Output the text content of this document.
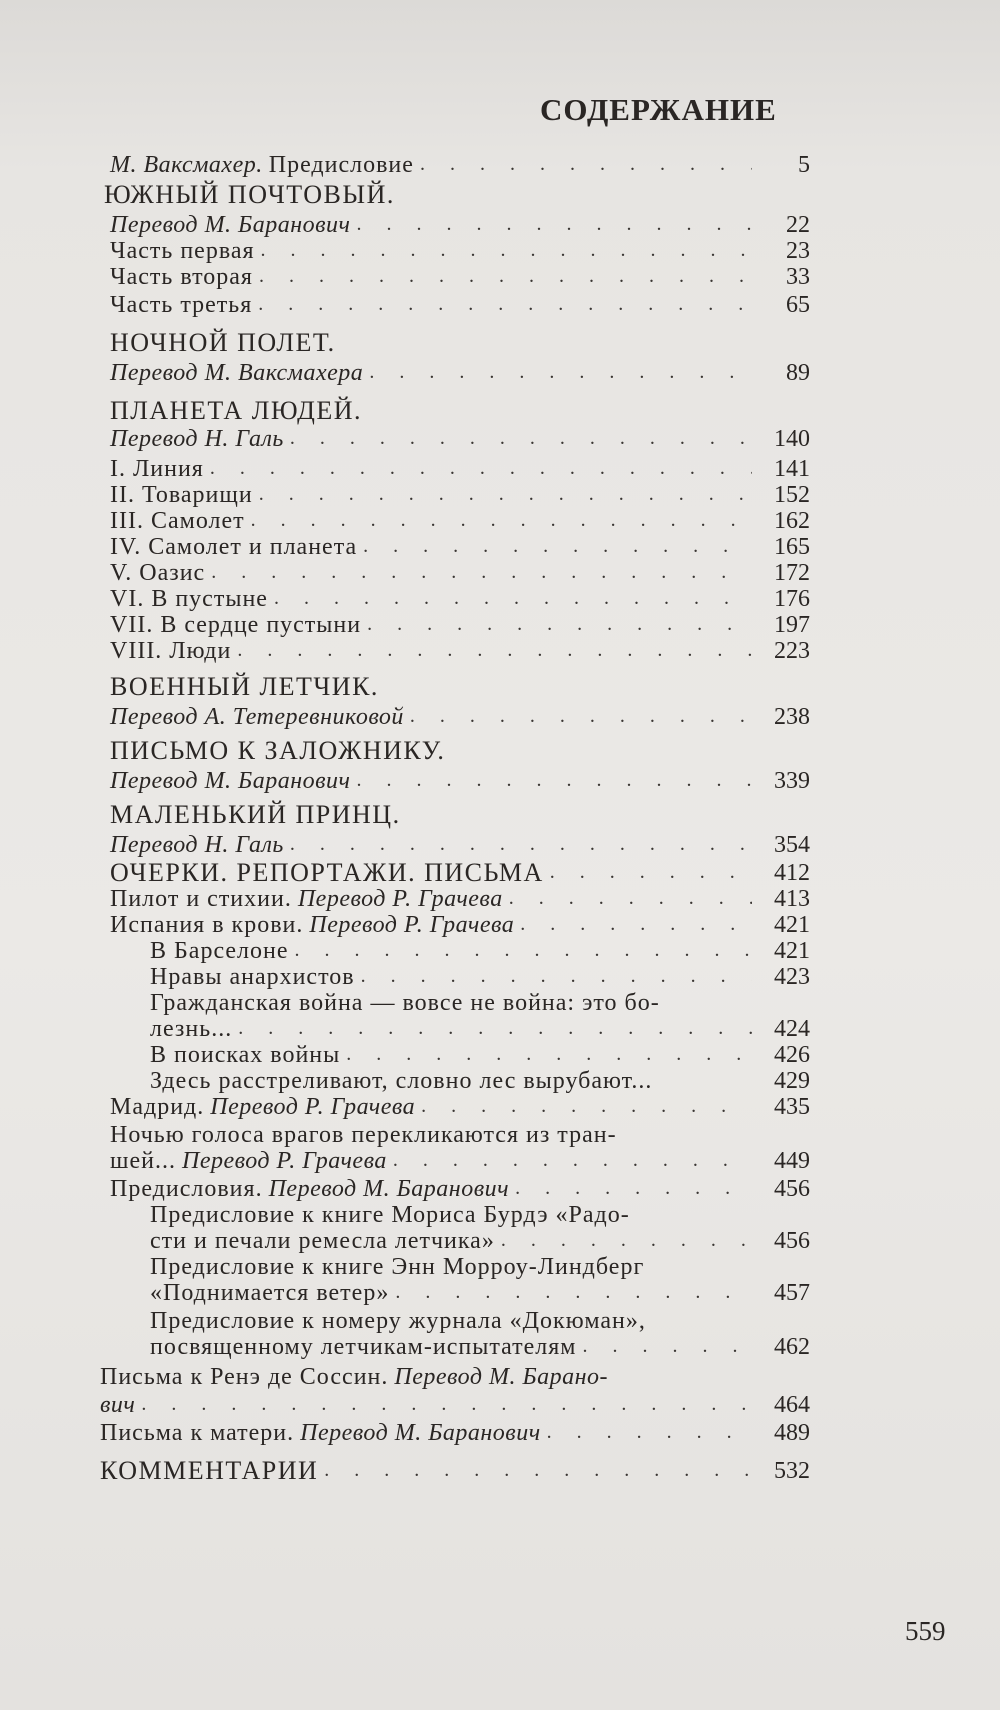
СОДЕРЖАНИЕ
М. Ваксмахер. Предисловие . . .	5
ЮЖНЫЙ ПОЧТОВЫЙ.
Перевод М. Баранович . . .	22
Часть первая . . .	23
Часть вторая . . .	33
Часть третья . . .	65
НОЧНОЙ ПОЛЕТ.
Перевод М. Ваксмахера . . .	89
ПЛАНЕТА ЛЮДЕЙ.
Перевод Н. Галь . . .	140
I. Линия . . .	141
II. Товарищи . . .	152
III. Самолет . . .	162
IV. Самолет и планета . . .	165
V. Оазис . . .	172
VI. В пустыне . . .	176
VII. В сердце пустыни . . .	197
VIII. Люди . . .	223
ВОЕННЫЙ ЛЕТЧИК.
Перевод А. Тетеревниковой . . .	238
ПИСЬМО К ЗАЛОЖНИКУ.
Перевод М. Баранович . . .	339
МАЛЕНЬКИЙ ПРИНЦ.
Перевод Н. Галь . . .	354
ОЧЕРКИ. РЕПОРТАЖИ. ПИСЬМА . . .	412
Пилот и стихии. Перевод Р. Грачева . . .	413
Испания в крови. Перевод Р. Грачева . . .	421
В Барселоне . . .	421
Нравы анархистов . . .	423
Гражданская война — вовсе не война: это бо-
лезнь... . . .	424
В поисках войны . . .	426
Здесь расстреливают, словно лес вырубают...	429
Мадрид. Перевод Р. Грачева . . .	435
Ночью голоса врагов перекликаются из тран-
шей... Перевод Р. Грачева . . .	449
Предисловия. Перевод М. Баранович . . .	456
Предисловие к книге Мориса Бурдэ «Радо-
сти и печали ремесла летчика» . . .	456
Предисловие к книге Энн Морроу-Линдберг
«Поднимается ветер» . . .	457
Предисловие к номеру журнала «Докюман»,
посвященному летчикам-испытателям . . .	462
Письма к Ренэ де Соссин. Перевод М. Барано-
вич . . .	464
Письма к матери. Перевод М. Баранович . . .	489
КОММЕНТАРИИ . . .	532
559
